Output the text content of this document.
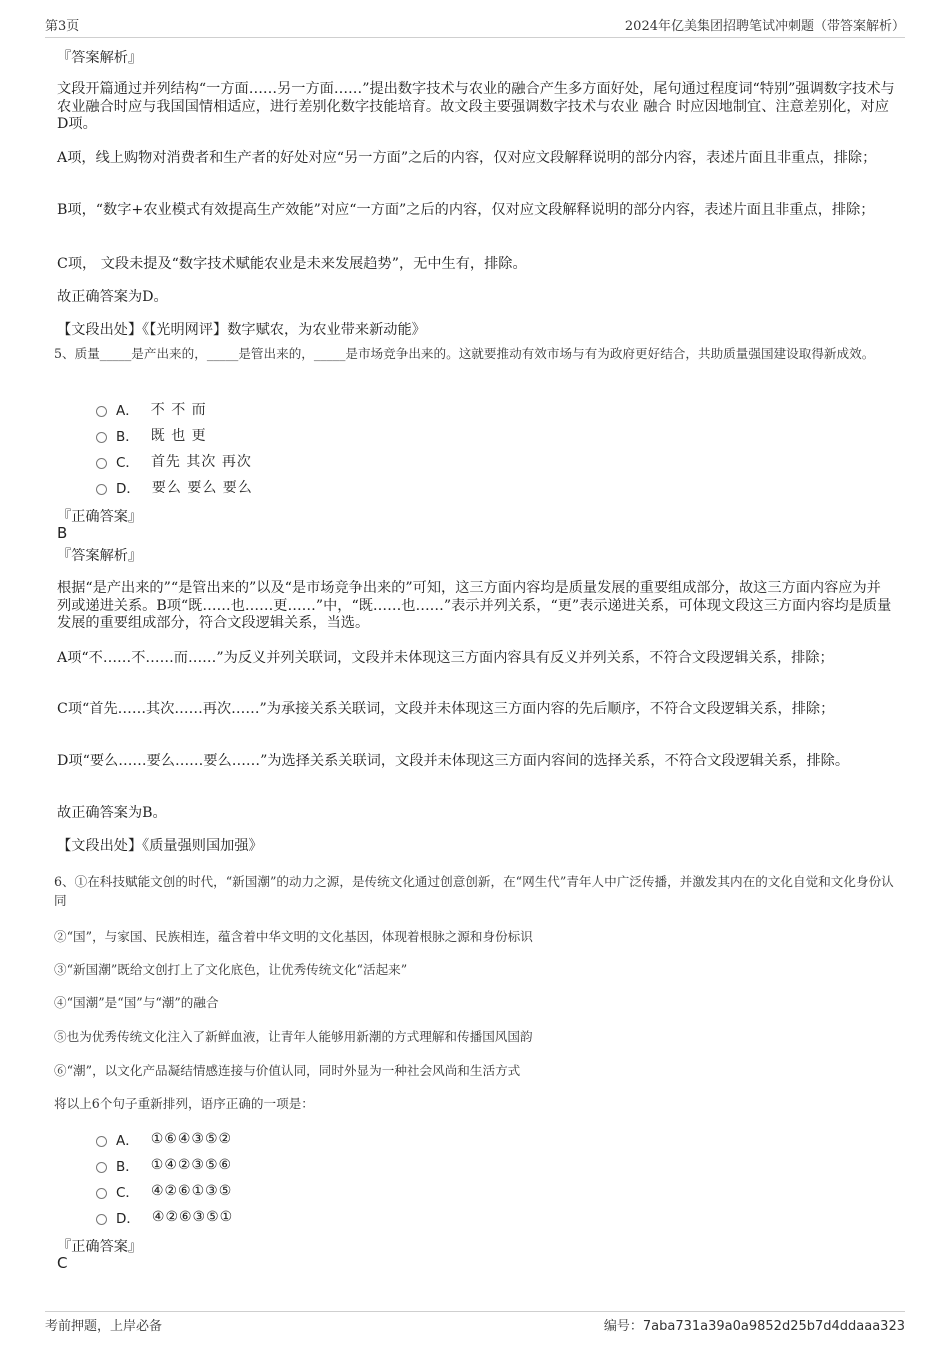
第3页	2024年亿美集团招聘笔试冲刺题（带答案解析）
『答案解析』
文段开篇通过并列结构“一方面……另一方面……”提出数字技术与农业的融合产生多方面好处，尾句通过程度词“特别”强调数字技术与农业融合时应与我国国情相适应，进行差别化数字技能培育。故文段主要强调数字技术与农业 融合 时应因地制宜、注意差别化，对应D项。
A项，线上购物对消费者和生产者的好处对应“另一方面”之后的内容，仅对应文段解释说明的部分内容，表述片面且非重点，排除；
B项，“数字+农业模式有效提高生产效能”对应“一方面”之后的内容，仅对应文段解释说明的部分内容，表述片面且非重点，排除；
C项， 文段未提及“数字技术赋能农业是未来发展趋势”，无中生有，排除。
故正确答案为D。
【文段出处】《【光明网评】数字赋农，为农业带来新动能》
5、质量_____是产出来的，_____是管出来的，_____是市场竞争出来的。这就要推动有效市场与有为政府更好结合，共助质量强国建设取得新成效。
A． 不 不 而
B． 既 也 更
C． 首先 其次 再次
D． 要么 要么 要么
『正确答案』
B
『答案解析』
根据“是产出来的”“是管出来的”以及“是市场竞争出来的”可知，这三方面内容均是质量发展的重要组成部分，故这三方面内容应为并列或递进关系。B项“既……也……更……”中，“既……也……”表示并列关系，“更”表示递进关系，可体现文段这三方面内容均是质量发展的重要组成部分，符合文段逻辑关系，当选。
A项“不……不……而……”为反义并列关联词，文段并未体现这三方面内容具有反义并列关系，不符合文段逻辑关系，排除；
C项“首先……其次……再次……”为承接关系关联词，文段并未体现这三方面内容的先后顺序，不符合文段逻辑关系，排除；
D项“要么……要么……要么……”为选择关系关联词，文段并未体现这三方面内容间的选择关系，不符合文段逻辑关系，排除。
故正确答案为B。
【文段出处】《质量强则国加强》
6、①在科技赋能文创的时代，“新国潮”的动力之源，是传统文化通过创意创新，在“网生代”青年人中广泛传播，并激发其内在的文化自觉和文化身份认同
②“国”，与家国、民族相连，蕴含着中华文明的文化基因，体现着根脉之源和身份标识
③“新国潮”既给文创打上了文化底色，让优秀传统文化“活起来”
④“国潮”是“国”与“潮”的融合
⑤也为优秀传统文化注入了新鲜血液，让青年人能够用新潮的方式理解和传播国风国韵
⑥“潮”，以文化产品凝结情感连接与价值认同，同时外显为一种社会风尚和生活方式
将以上6个句子重新排列，语序正确的一项是：
A． ①⑥④③⑤②
B． ①④②③⑤⑥
C． ④②⑥①③⑤
D． ④②⑥③⑤①
『正确答案』
C
考前押题，上岸必备	编号：7aba731a39a0a9852d25b7d4ddaaa323
